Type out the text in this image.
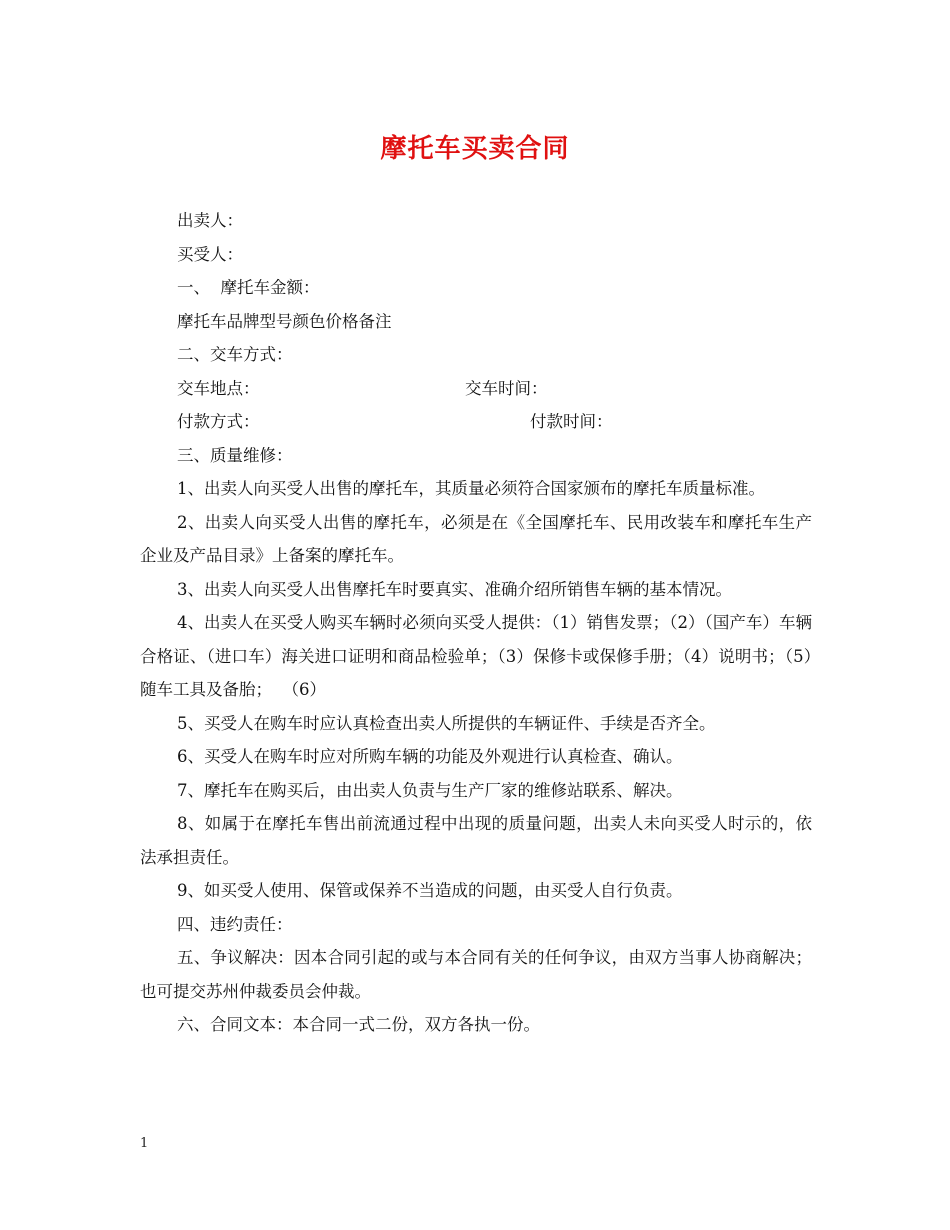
摩托车买卖合同

出卖人：

买受人：

一、  摩托车金额：

摩托车品牌型号颜色价格备注

二、交车方式：

交车地点：	交车时间：
付款方式：	付款时间：

三、质量维修：

1、出卖人向买受人出售的摩托车，其质量必须符合国家颁布的摩托车质量标准。

2、出卖人向买受人出售的摩托车，必须是在《全国摩托车、民用改装车和摩托车生产企业及产品目录》上备案的摩托车。

3、出卖人向买受人出售摩托车时要真实、准确介绍所销售车辆的基本情况。

4、出卖人在买受人购买车辆时必须向买受人提供：（1）销售发票；（2）（国产车）车辆合格证、（进口车）海关进口证明和商品检验单；（3）保修卡或保修手册；（4）说明书；（5）随车工具及备胎；  （6）

5、买受人在购车时应认真检查出卖人所提供的车辆证件、手续是否齐全。

6、买受人在购车时应对所购车辆的功能及外观进行认真检查、确认。

7、摩托车在购买后，由出卖人负责与生产厂家的维修站联系、解决。

8、如属于在摩托车售出前流通过程中出现的质量问题，出卖人未向买受人时示的，依法承担责任。

9、如买受人使用、保管或保养不当造成的问题，由买受人自行负责。

四、违约责任：

五、争议解决：因本合同引起的或与本合同有关的任何争议，由双方当事人协商解决；也可提交苏州仲裁委员会仲裁。

六、合同文本：本合同一式二份，双方各执一份。

1
